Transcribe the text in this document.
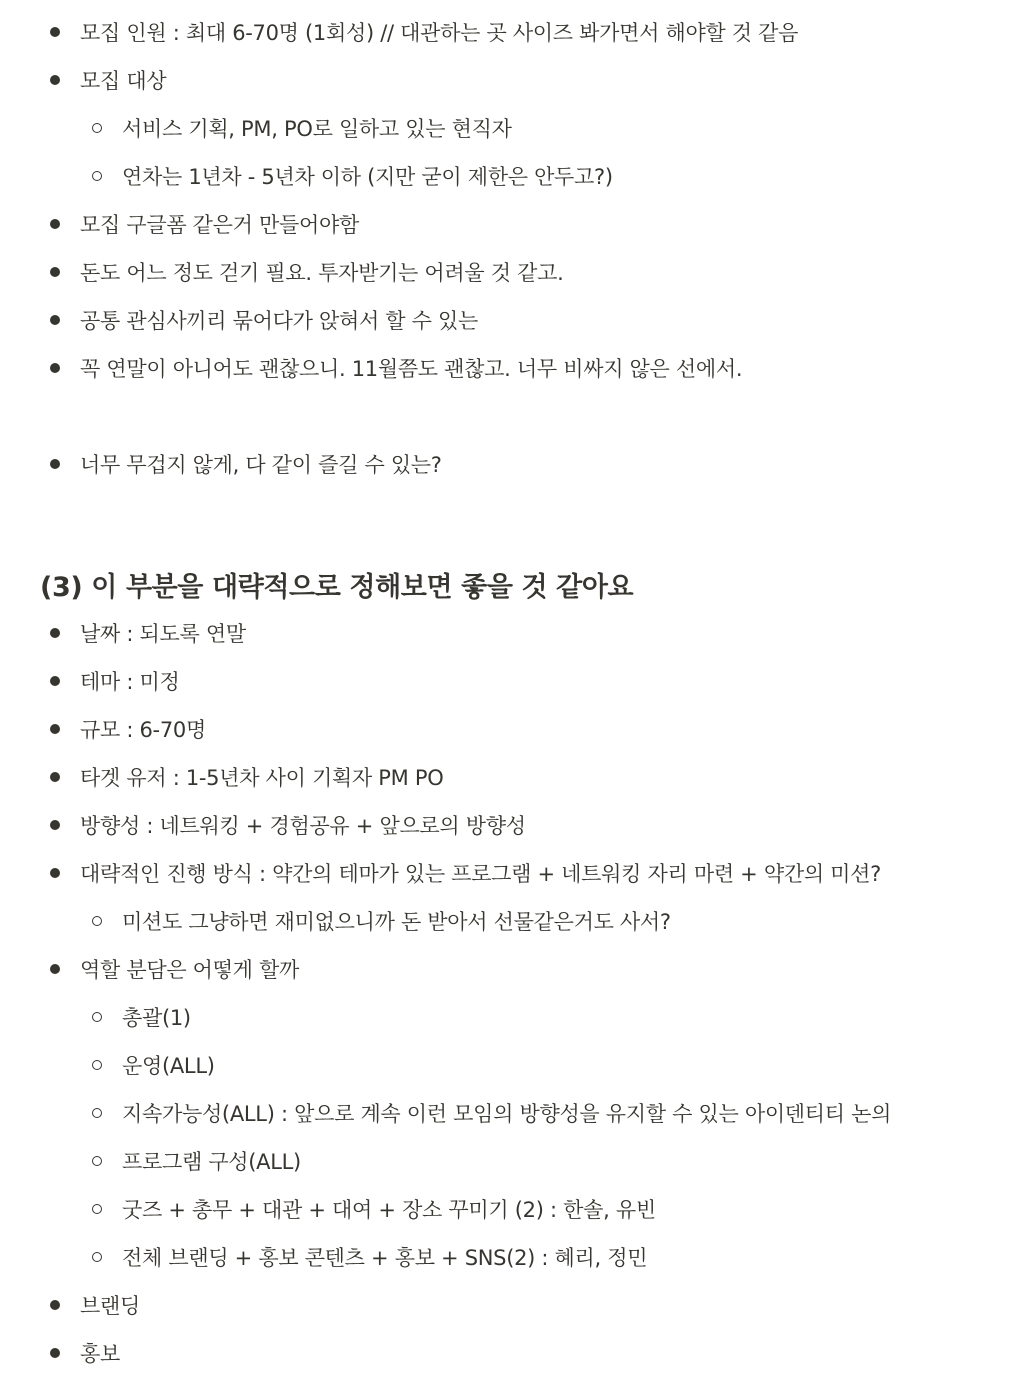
모집 인원 : 최대 6-70명 (1회성) // 대관하는 곳 사이즈 봐가면서 해야할 것 같음
모집 대상
서비스 기획, PM, PO로 일하고 있는 현직자
연차는 1년차 - 5년차 이하 (지만 굳이 제한은 안두고?)
모집 구글폼 같은거 만들어야함
돈도 어느 정도 걷기 필요. 투자받기는 어려울 것 같고.
공통 관심사끼리 묶어다가 앉혀서 할 수 있는
꼭 연말이 아니어도 괜찮으니. 11월쯤도 괜찮고. 너무 비싸지 않은 선에서.
너무 무겁지 않게, 다 같이 즐길 수 있는?
(3) 이 부분을 대략적으로 정해보면 좋을 것 같아요
날짜 : 되도록 연말
테마 : 미정
규모 : 6-70명
타겟 유저 : 1-5년차 사이 기획자 PM PO
방향성 : 네트워킹 + 경험공유 + 앞으로의 방향성
대략적인 진행 방식 : 약간의 테마가 있는 프로그램 + 네트워킹 자리 마련 + 약간의 미션?
미션도 그냥하면 재미없으니까 돈 받아서 선물같은거도 사서?
역할 분담은 어떻게 할까
총괄(1)
운영(ALL)
지속가능성(ALL) : 앞으로 계속 이런 모임의 방향성을 유지할 수 있는 아이덴티티 논의
프로그램 구성(ALL)
굿즈 + 총무 + 대관 + 대여 + 장소 꾸미기 (2) : 한솔, 유빈
전체 브랜딩 + 홍보 콘텐츠 + 홍보 + SNS(2) : 혜리, 정민
브랜딩
홍보
